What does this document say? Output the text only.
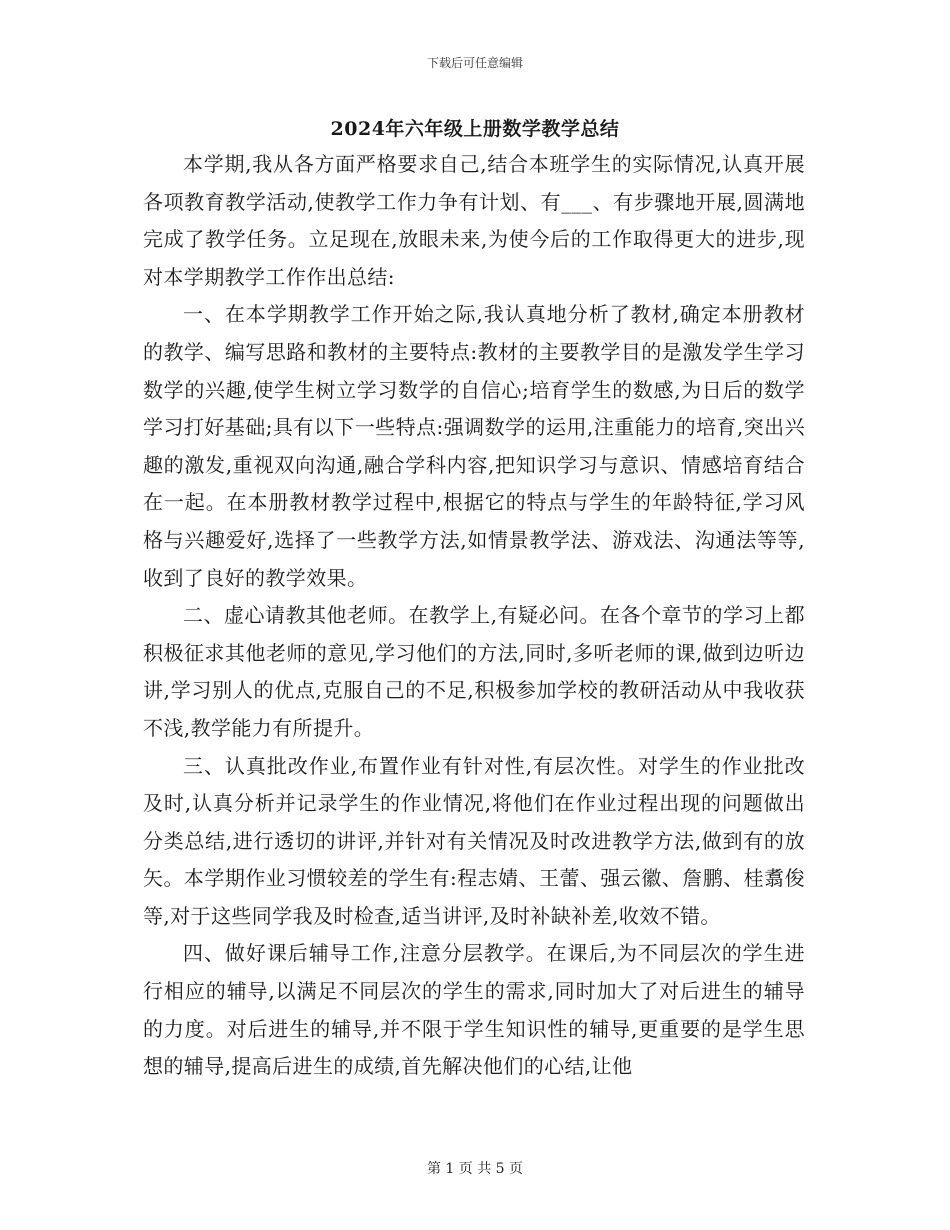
下载后可任意编辑
2024年六年级上册数学教学总结

本学期,我从各方面严格要求自己,结合本班学生的实际情况,认真开展各项教育教学活动,使教学工作力争有计划、有___、有步骤地开展,圆满地完成了教学任务。立足现在,放眼未来,为使今后的工作取得更大的进步,现对本学期教学工作作出总结:

一、在本学期教学工作开始之际,我认真地分析了教材,确定本册教材的教学、编写思路和教材的主要特点:教材的主要教学目的是激发学生学习数学的兴趣,使学生树立学习数学的自信心;培育学生的数感,为日后的数学学习打好基础;具有以下一些特点:强调数学的运用,注重能力的培育,突出兴趣的激发,重视双向沟通,融合学科内容,把知识学习与意识、情感培育结合在一起。在本册教材教学过程中,根据它的特点与学生的年龄特征,学习风格与兴趣爱好,选择了一些教学方法,如情景教学法、游戏法、沟通法等等,收到了良好的教学效果。

二、虚心请教其他老师。在教学上,有疑必问。在各个章节的学习上都积极征求其他老师的意见,学习他们的方法,同时,多听老师的课,做到边听边讲,学习别人的优点,克服自己的不足,积极参加学校的教研活动从中我收获不浅,教学能力有所提升。

三、认真批改作业,布置作业有针对性,有层次性。对学生的作业批改及时,认真分析并记录学生的作业情况,将他们在作业过程出现的问题做出分类总结,进行透切的讲评,并针对有关情况及时改进教学方法,做到有的放矢。本学期作业习惯较差的学生有:程志婧、王蕾、强云徽、詹鹏、桂翥俊等,对于这些同学我及时检查,适当讲评,及时补缺补差,收效不错。

四、做好课后辅导工作,注意分层教学。在课后,为不同层次的学生进行相应的辅导,以满足不同层次的学生的需求,同时加大了对后进生的辅导的力度。对后进生的辅导,并不限于学生知识性的辅导,更重要的是学生思想的辅导,提高后进生的成绩,首先解决他们的心结,让他

第 1 页 共 5 页
